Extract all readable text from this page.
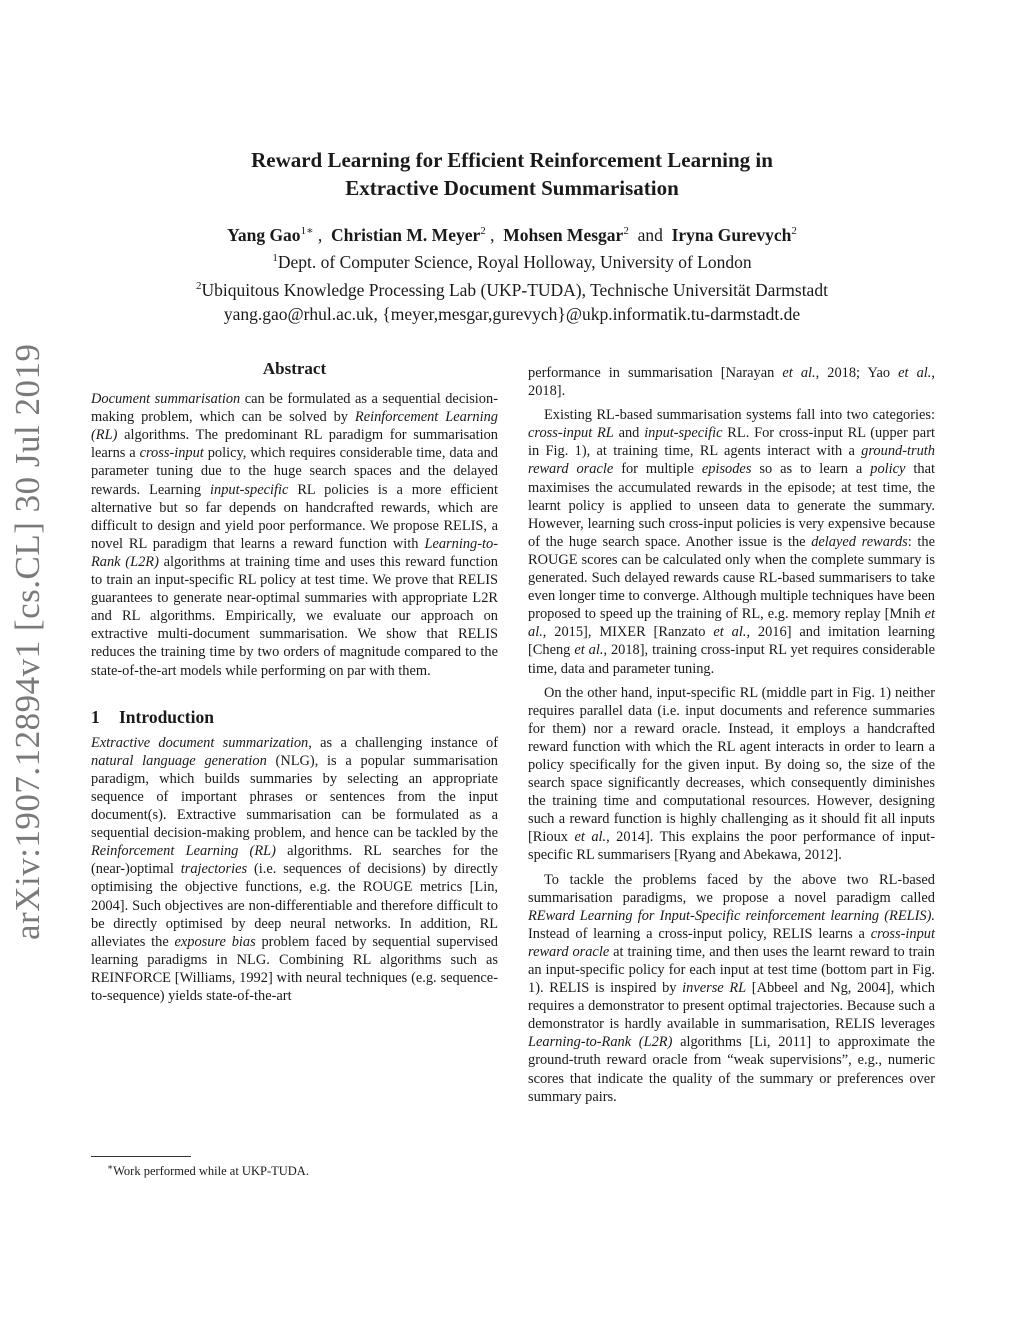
arXiv:1907.12894v1 [cs.CL] 30 Jul 2019
Reward Learning for Efficient Reinforcement Learning in
Extractive Document Summarisation
Yang Gao$^{1∗}$ , Christian M. Meyer$^2$ , Mohsen Mesgar$^2$ and Iryna Gurevych$^2$
$^1$Dept. of Computer Science, Royal Holloway, University of London
$^2$Ubiquitous Knowledge Processing Lab (UKP-TUDA), Technische Universität Darmstadt
yang.gao@rhul.ac.uk, {meyer,mesgar,gurevych}@ukp.informatik.tu-darmstadt.de
Abstract

Document summarisation can be formulated as a sequential decision-making problem, which can be solved by Reinforcement Learning (RL) algorithms. The predominant RL paradigm for summarisation learns a cross-input policy, which requires considerable time, data and parameter tuning due to the huge search spaces and the delayed rewards. Learning input-specific RL policies is a more efficient alternative but so far depends on handcrafted rewards, which are difficult to design and yield poor performance. We propose RELIS, a novel RL paradigm that learns a reward function with Learning-to-Rank (L2R) algorithms at training time and uses this reward function to train an input-specific RL policy at test time. We prove that RELIS guarantees to generate near-optimal summaries with appropriate L2R and RL algorithms. Empirically, we evaluate our approach on extractive multi-document summarisation. We show that RELIS reduces the training time by two orders of magnitude compared to the state-of-the-art models while performing on par with them.

1 Introduction

Extractive document summarization, as a challenging instance of natural language generation (NLG), is a popular summarisation paradigm, which builds summaries by selecting an appropriate sequence of important phrases or sentences from the input document(s). Extractive summarisation can be formulated as a sequential decision-making problem, and hence can be tackled by the Reinforcement Learning (RL) algorithms. RL searches for the (near-)optimal trajectories (i.e. sequences of decisions) by directly optimising the objective functions, e.g. the ROUGE metrics [Lin, 2004]. Such objectives are non-differentiable and therefore difficult to be directly optimised by deep neural networks. In addition, RL alleviates the exposure bias problem faced by sequential supervised learning paradigms in NLG. Combining RL algorithms such as REINFORCE [Williams, 1992] with neural techniques (e.g. sequence-to-sequence) yields state-of-the-art

∗Work performed while at UKP-TUDA.

performance in summarisation [Narayan et al., 2018; Yao et al., 2018].

Existing RL-based summarisation systems fall into two categories: cross-input RL and input-specific RL. For cross-input RL (upper part in Fig. 1), at training time, RL agents interact with a ground-truth reward oracle for multiple episodes so as to learn a policy that maximises the accumulated rewards in the episode; at test time, the learnt policy is applied to unseen data to generate the summary. However, learning such cross-input policies is very expensive because of the huge search space. Another issue is the delayed rewards: the ROUGE scores can be calculated only when the complete summary is generated. Such delayed rewards cause RL-based summarisers to take even longer time to converge. Although multiple techniques have been proposed to speed up the training of RL, e.g. memory replay [Mnih et al., 2015], MIXER [Ranzato et al., 2016] and imitation learning [Cheng et al., 2018], training cross-input RL yet requires considerable time, data and parameter tuning.

On the other hand, input-specific RL (middle part in Fig. 1) neither requires parallel data (i.e. input documents and reference summaries for them) nor a reward oracle. Instead, it employs a handcrafted reward function with which the RL agent interacts in order to learn a policy specifically for the given input. By doing so, the size of the search space significantly decreases, which consequently diminishes the training time and computational resources. However, designing such a reward function is highly challenging as it should fit all inputs [Rioux et al., 2014]. This explains the poor performance of input-specific RL summarisers [Ryang and Abekawa, 2012].

To tackle the problems faced by the above two RL-based summarisation paradigms, we propose a novel paradigm called REward Learning for Input-Specific reinforcement learning (RELIS). Instead of learning a cross-input policy, RELIS learns a cross-input reward oracle at training time, and then uses the learnt reward to train an input-specific policy for each input at test time (bottom part in Fig. 1). RELIS is inspired by inverse RL [Abbeel and Ng, 2004], which requires a demonstrator to present optimal trajectories. Because such a demonstrator is hardly available in summarisation, RELIS leverages Learning-to-Rank (L2R) algorithms [Li, 2011] to approximate the ground-truth reward oracle from “weak supervisions”, e.g., numeric scores that indicate the quality of the summary or preferences over summary pairs.
